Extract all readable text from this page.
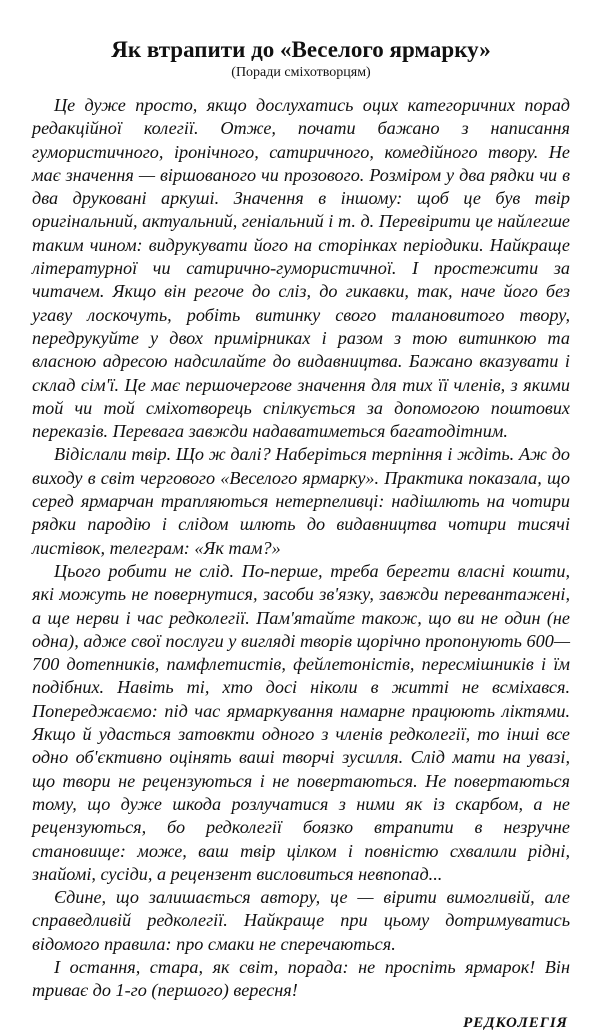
Як втрапити до «Веселого ярмарку»
(Поради сміхотворцям)

Це дуже просто, якщо дослухатись оцих категоричних порад редакційної колегії. Отже, почати бажано з написання гумористичного, іронічного, сатиричного, комедійного твору. Не має значення — віршованого чи прозового. Розміром у два рядки чи в два друковані аркуші. Значення в іншому: щоб це був твір оригінальний, актуальний, геніальний і т. д. Перевірити це найлегше таким чином: видрукувати його на сторінках періодики. Найкраще літературної чи сатирично-гумористичної. І простежити за читачем. Якщо він регоче до сліз, до гикавки, так, наче його без угаву лоскочуть, робіть витинку свого талановитого твору, передрукуйте у двох примірниках і разом з тою витинкою та власною адресою надсилайте до видавництва. Бажано вказувати і склад сім'ї. Це має першочергове значення для тих її членів, з якими той чи той сміхотворець спілкується за допомогою поштових переказів. Перевага завжди надаватиметься багатодітним.

Відіслали твір. Що ж далі? Наберіться терпіння і ждіть. Аж до виходу в світ чергового «Веселого ярмарку». Практика показала, що серед ярмарчан трапляються нетерпеливці: надішлють на чотири рядки пародію і слідом шлють до видавництва чотири тисячі листівок, телеграм: «Як там?»

Цього робити не слід. По-перше, треба берегти власні кошти, які можуть не повернутися, засоби зв'язку, завжди перевантажені, а ще нерви і час редколегії. Пам'ятайте також, що ви не один (не одна), адже свої послуги у вигляді творів щорічно пропонують 600—700 дотепників, памфлетистів, фейлетоністів, пересмішників і їм подібних. Навіть ті, хто досі ніколи в житті не всміхався. Попереджаємо: під час ярмаркування намарне працюють ліктями. Якщо й удасться затовкти одного з членів редколегії, то інші все одно об'єктивно оцінять ваші творчі зусилля. Слід мати на увазі, що твори не рецензуються і не повертаються. Не повертаються тому, що дуже шкода розлучатися з ними як із скарбом, а не рецензуються, бо редколегії боязко втрапити в незручне становище: може, ваш твір цілком і повністю схвалили рідні, знайомі, сусіди, а рецензент висловиться невпопад...

Єдине, що залишається автору, це — вірити вимогливій, але справедливій редколегії. Найкраще при цьому дотримуватись відомого правила: про смаки не сперечаються.

І остання, стара, як світ, порада: не проспіть ярмарок! Він триває до 1-го (першого) вересня!

РЕДКОЛЕГІЯ
